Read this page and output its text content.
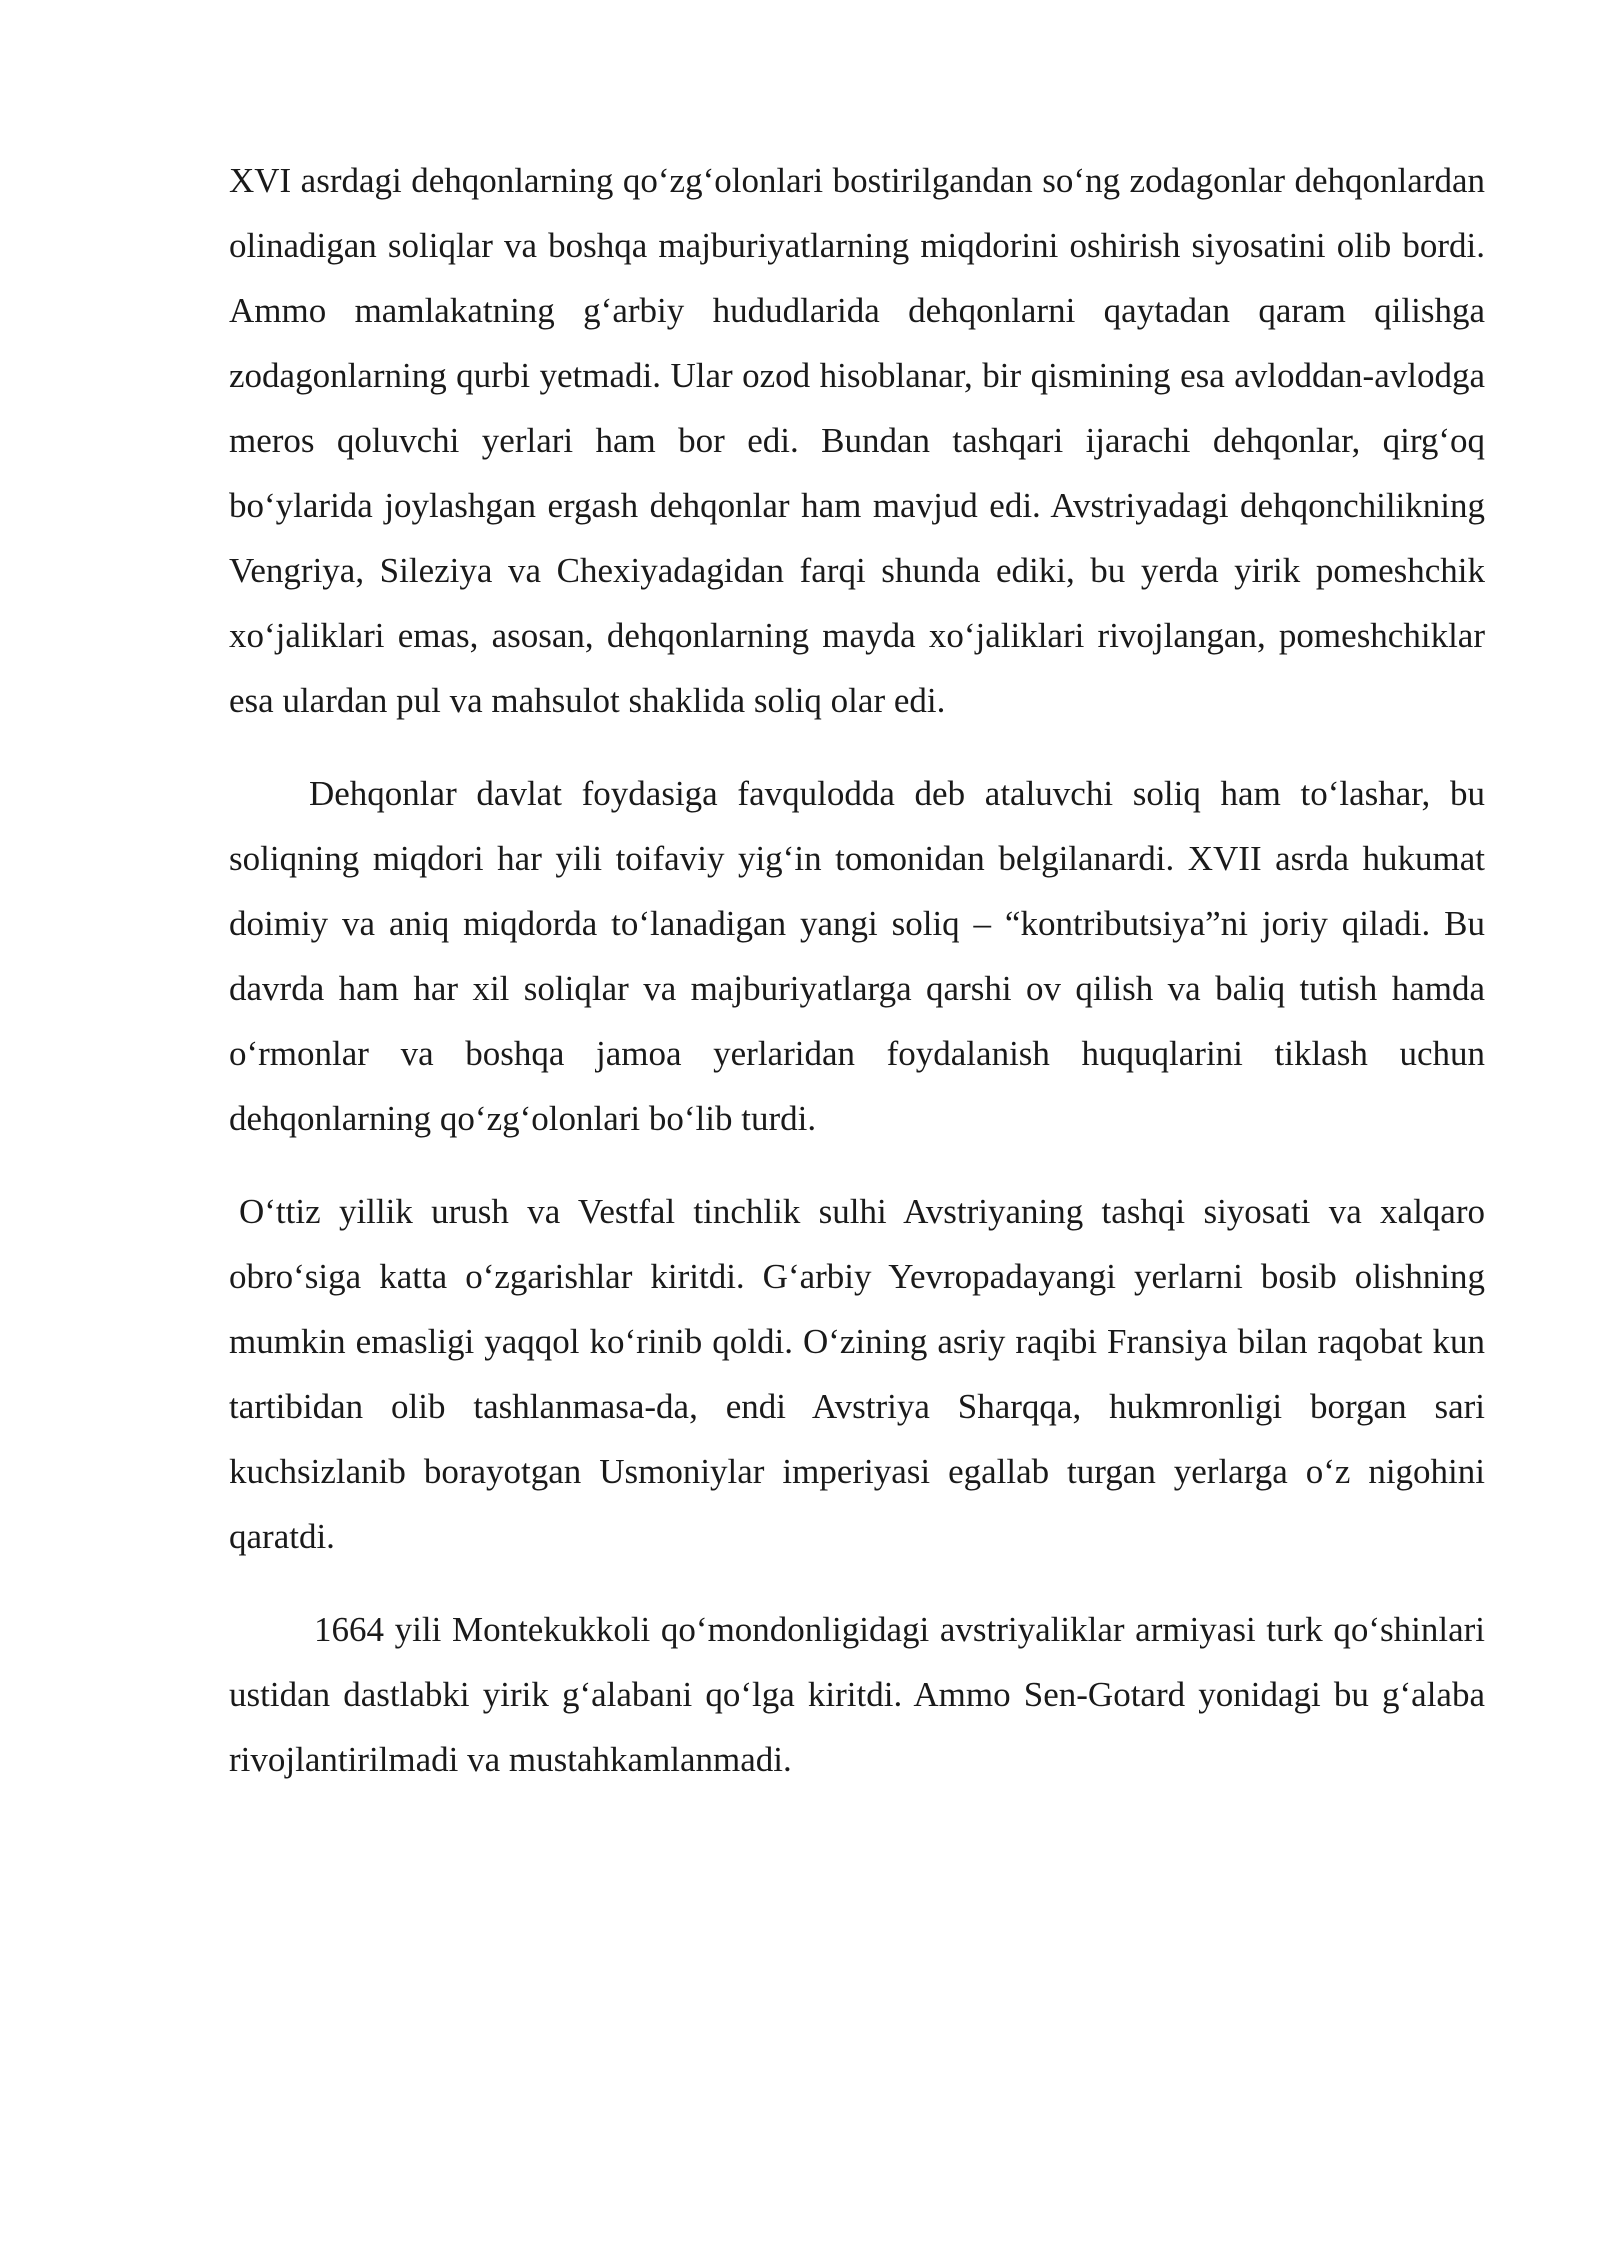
XVI asrdagi dehqonlarning qo‘zg‘olonlari bostirilgandan so‘ng zodagonlar dehqonlardan olinadigan soliqlar va boshqa majburiyatlarning miqdorini oshirish siyosatini olib bordi. Ammo mamlakatning g‘arbiy hududlarida dehqonlarni qaytadan qaram qilishga zodagonlarning qurbi yetmadi. Ular ozod hisoblanar, bir qismining esa avloddan-avlodga meros qoluvchi yerlari ham bor edi. Bundan tashqari ijarachi dehqonlar, qirg‘oq bo‘ylarida joylashgan ergash dehqonlar ham mavjud edi. Avstriyadagi dehqonchilikning Vengriya, Sileziya va Chexiyadagidan farqi shunda ediki, bu yerda yirik pomeshchik xo‘jaliklari emas, asosan, dehqonlarning mayda xo‘jaliklari rivojlangan, pomeshchiklar esa ulardan pul va mahsulot shaklida soliq olar edi.

Dehqonlar davlat foydasiga favqulodda deb ataluvchi soliq ham to‘lashar, bu soliqning miqdori har yili toifaviy yig‘in tomonidan belgilanardi. XVII asrda hukumat doimiy va aniq miqdorda to‘lanadigan yangi soliq – “kontributsiya”ni joriy qiladi. Bu davrda ham har xil soliqlar va majburiyatlarga qarshi ov qilish va baliq tutish hamda o‘rmonlar va boshqa jamoa yerlaridan foydalanish huquqlarini tiklash uchun dehqonlarning qo‘zg‘olonlari bo‘lib turdi.

O‘ttiz yillik urush va Vestfal tinchlik sulhi Avstriyaning tashqi siyosati va xalqaro obro‘siga katta o‘zgarishlar kiritdi. G‘arbiy Yevropadayangi yerlarni bosib olishning mumkin emasligi yaqqol ko‘rinib qoldi. O‘zining asriy raqibi Fransiya bilan raqobat kun tartibidan olib tashlanmasa-da, endi Avstriya Sharqqa, hukmronligi borgan sari kuchsizlanib borayotgan Usmoniylar imperiyasi egallab turgan yerlarga o‘z nigohini qaratdi.

1664 yili Montekukkoli qo‘mondonligidagi avstriyaliklar armiyasi turk qo‘shinlari ustidan dastlabki yirik g‘alabani qo‘lga kiritdi. Ammo Sen-Gotard yonidagi bu g‘alaba rivojlantirilmadi va mustahkamlanmadi.
